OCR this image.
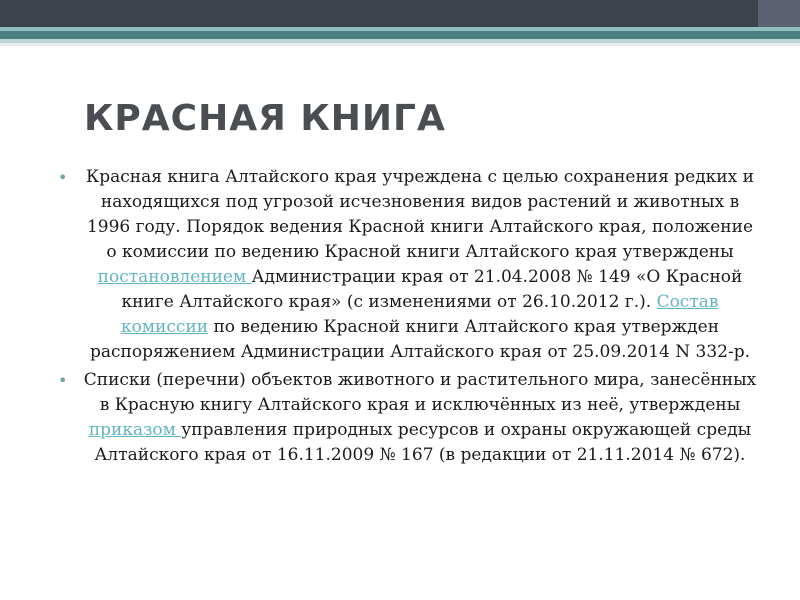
КРАСНАЯ КНИГА

• Красная книга Алтайского края учреждена с целью сохранения редких и находящихся под угрозой исчезновения видов растений и животных в 1996 году. Порядок ведения Красной книги Алтайского края, положение о комиссии по ведению Красной книги Алтайского края утверждены постановлением Администрации края от 21.04.2008 № 149 «О Красной книге Алтайского края» (с изменениями от 26.10.2012 г.). Состав комиссии по ведению Красной книги Алтайского края утвержден распоряжением Администрации Алтайского края от 25.09.2014 N 332-р.

• Списки (перечни) объектов животного и растительного мира, занесённых в Красную книгу Алтайского края и исключённых из неё, утверждены приказом управления природных ресурсов и охраны окружающей среды Алтайского края от 16.11.2009 № 167 (в редакции от 21.11.2014 № 672).
